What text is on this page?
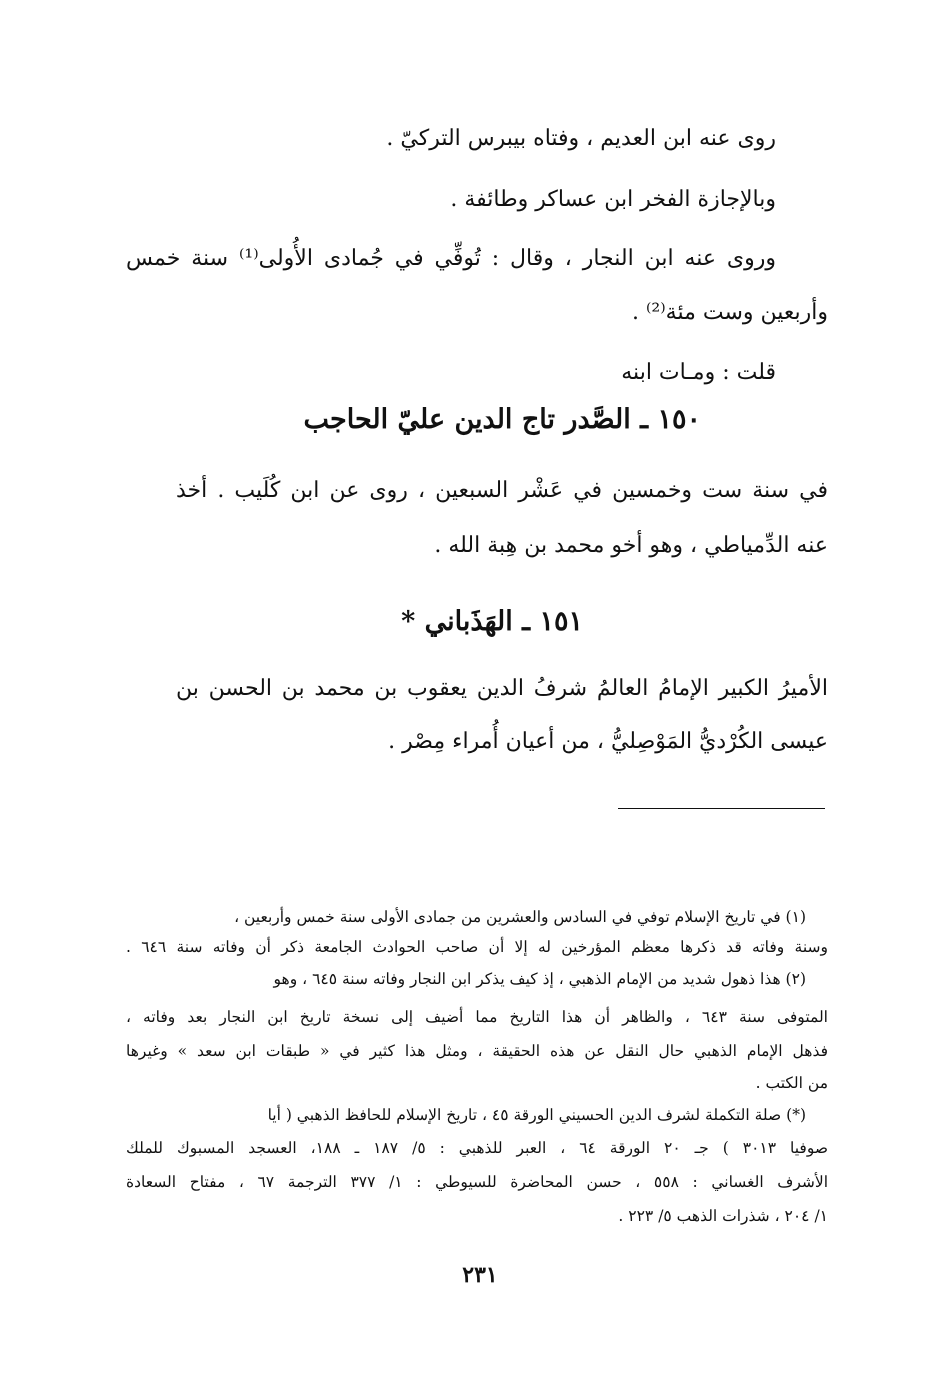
روى عنه ابن العديم ، وفتاه بيبرس التركيّ .
وبالإجازة الفخر ابن عساكر وطائفة .
وروى عنه ابن النجار ، وقال : تُوفِّي في جُمادى الأُولى⁽¹⁾ سنة خمس
وأربعين وست مئة⁽²⁾ .
قلت : ومـات ابنه
١٥٠ ـ الصَّدر تاج الدين عليّ الحاجب
في سنة ست وخمسين في عَشْر السبعين ، روى عن ابن كُلَيب . أخذ
عنه الدِّمياطي ، وهو أخو محمد بن هِبة الله .
١٥١ ـ الهَذَباني *
الأميرُ الكبير الإمامُ العالمُ شرفُ الدين يعقوب بن محمد بن الحسن بن
عيسى الكُرْديُّ المَوْصِليُّ ، من أعيان أُمراء مِصْر .
(١) في تاريخ الإسلام توفي في السادس والعشرين من جمادى الأولى سنة خمس وأربعين ،
وسنة وفاته قد ذكرها معظم المؤرخين له إلا أن صاحب الحوادث الجامعة ذكر أن وفاته سنة ٦٤٦ .
(٢) هذا ذهول شديد من الإمام الذهبي ، إذ كيف يذكر ابن النجار وفاته سنة ٦٤٥ ، وهو
المتوفى سنة ٦٤٣ ، والظاهر أن هذا التاريخ مما أضيف إلى نسخة تاريخ ابن النجار بعد وفاته ،
فذهل الإمام الذهبي حال النقل عن هذه الحقيقة ، ومثل هذا كثير في « طبقات ابن سعد » وغيرها
من الكتب .
(*) صلة التكملة لشرف الدين الحسيني الورقة ٤٥ ، تاريخ الإسلام للحافظ الذهبي ( أيا
صوفيا ٣٠١٣ ) جـ ٢٠ الورقة ٦٤ ، العبر للذهبي : ٥/ ١٨٧ ـ ١٨٨، العسجد المسبوك للملك
الأشرف الغساني : ٥٥٨ ، حسن المحاضرة للسيوطي : ١/ ٣٧٧ الترجمة ٦٧ ، مفتاح السعادة
١/ ٢٠٤ ، شذرات الذهب ٥/ ٢٢٣ .
٢٣١
